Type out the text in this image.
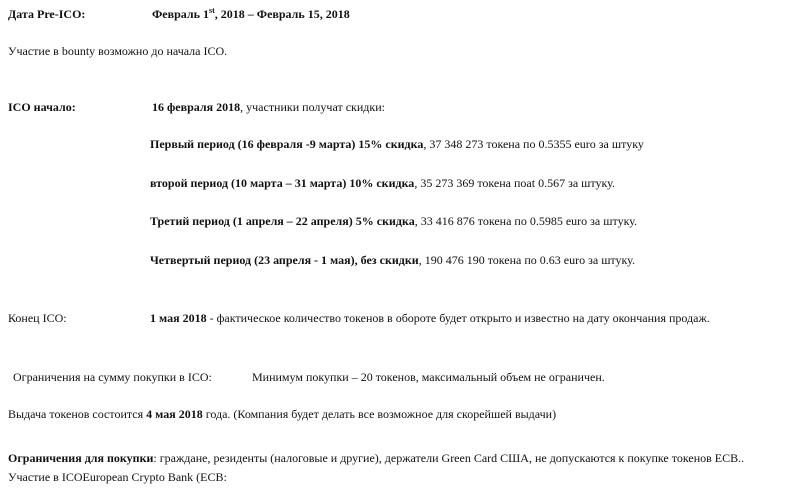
Дата Pre-ICO:	Февраль 1st, 2018 – Февраль 15, 2018
Участие в bounty возможно до начала ICO.
ICO начало:	16 февраля 2018, участники получат скидки:
Первый период (16 февраля -9 марта) 15% скидка, 37 348 273 токена по 0.5355 euro за штуку
второй период (10 марта – 31 марта) 10% скидка, 35 273 369 токена поat 0.567 за штуку.
Третий период (1 апреля – 22 апреля) 5% скидка, 33 416 876 токена по 0.5985 euro за штуку.
Четвертый период (23 апреля - 1 мая), без скидки, 190 476 190 токена по 0.63 euro за штуку.
Конец ICO:	1 мая 2018 - фактическое количество токенов в обороте будет открыто и известно на дату окончания продаж.
Ограничения на сумму покупки в ICO:	Минимум покупки – 20 токенов, максимальный объем не ограничен.
Выдача токенов состоится 4 мая 2018 года. (Компания будет делать все возможное для скорейшей выдачи)
Ограничения для покупки: граждане, резиденты (налоговые и другие), держатели Green Card США, не допускаются к покупке токенов ECB..
Участие в ICOEuropean Crypto Bank (ECB:
